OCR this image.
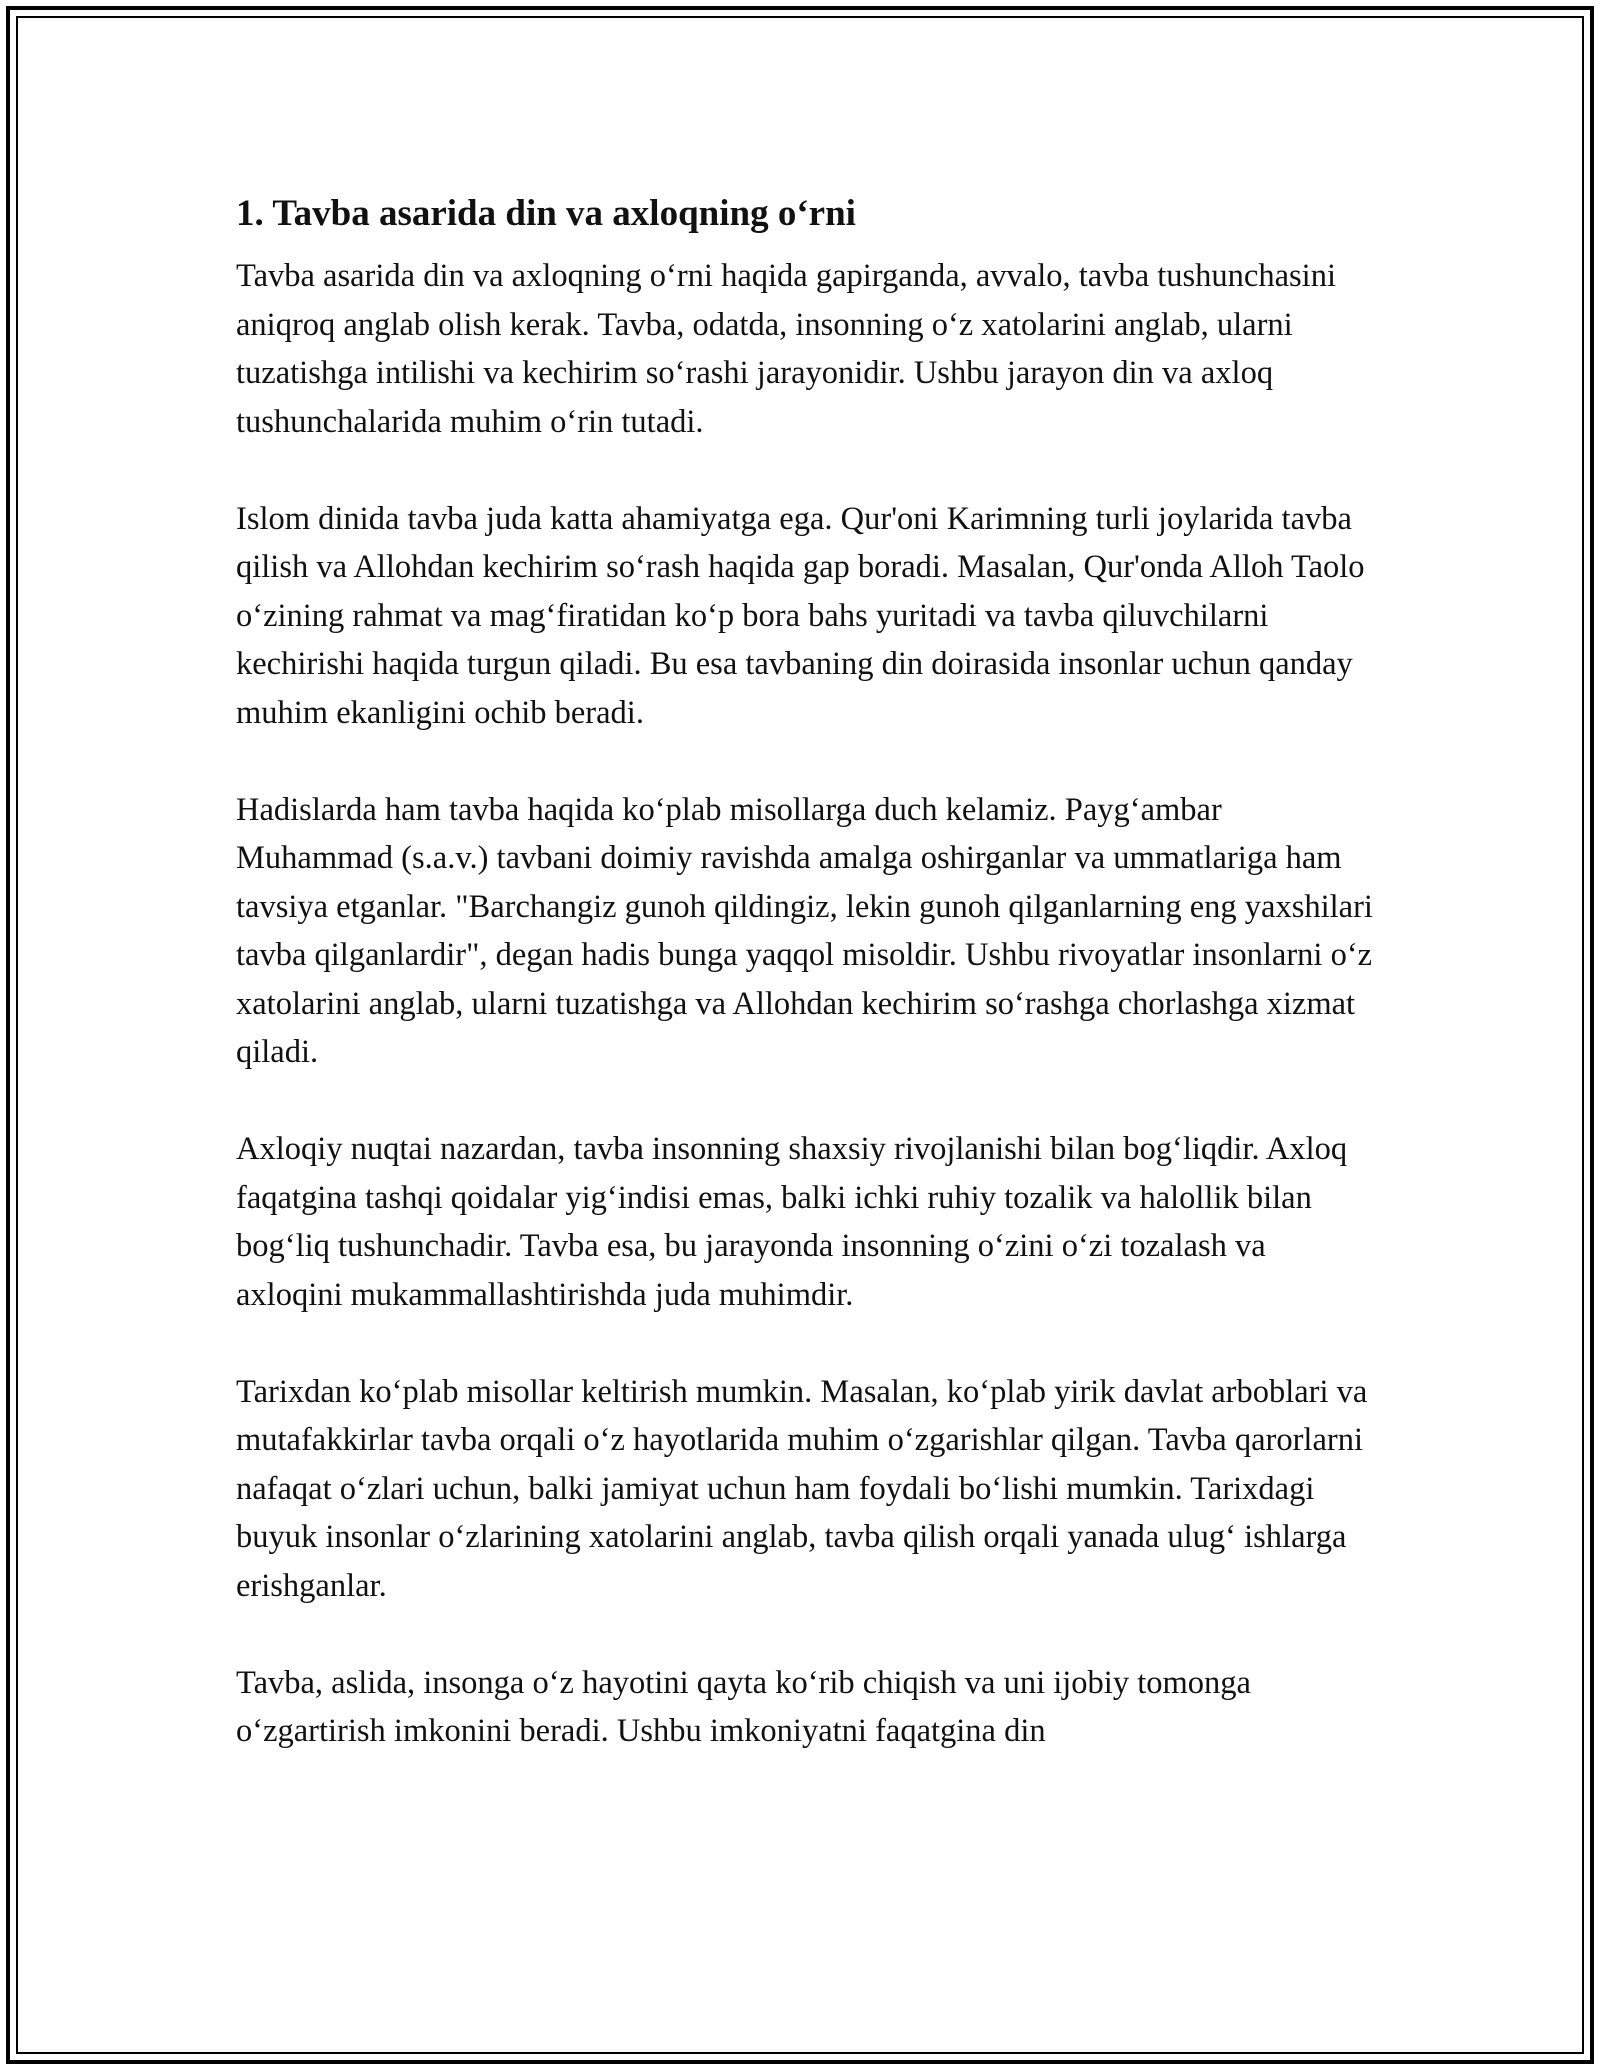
1. Tavba asarida din va axloqning o‘rni

Tavba asarida din va axloqning o‘rni haqida gapirganda, avvalo, tavba tushunchasini aniqroq anglab olish kerak. Tavba, odatda, insonning o‘z xatolarini anglab, ularni tuzatishga intilishi va kechirim so‘rashi jarayonidir. Ushbu jarayon din va axloq tushunchalarida muhim o‘rin tutadi.

Islom dinida tavba juda katta ahamiyatga ega. Qur'oni Karimning turli joylarida tavba qilish va Allohdan kechirim so‘rash haqida gap boradi. Masalan, Qur'onda Alloh Taolo o‘zining rahmat va mag‘firatidan ko‘p bora bahs yuritadi va tavba qiluvchilarni kechirishi haqida turgun qiladi. Bu esa tavbaning din doirasida insonlar uchun qanday muhim ekanligini ochib beradi.

Hadislarda ham tavba haqida ko‘plab misollarga duch kelamiz. Payg‘ambar Muhammad (s.a.v.) tavbani doimiy ravishda amalga oshirganlar va ummatlariga ham tavsiya etganlar. "Barchangiz gunoh qildingiz, lekin gunoh qilganlarning eng yaxshilari tavba qilganlardir", degan hadis bunga yaqqol misoldir. Ushbu rivoyatlar insonlarni o‘z xatolarini anglab, ularni tuzatishga va Allohdan kechirim so‘rashga chorlashga xizmat qiladi.

Axloqiy nuqtai nazardan, tavba insonning shaxsiy rivojlanishi bilan bog‘liqdir. Axloq faqatgina tashqi qoidalar yig‘indisi emas, balki ichki ruhiy tozalik va halollik bilan bog‘liq tushunchadir. Tavba esa, bu jarayonda insonning o‘zini o‘zi tozalash va axloqini mukammallashtirishda juda muhimdir.

Tarixdan ko‘plab misollar keltirish mumkin. Masalan, ko‘plab yirik davlat arboblari va mutafakkirlar tavba orqali o‘z hayotlarida muhim o‘zgarishlar qilgan. Tavba qarorlarni nafaqat o‘zlari uchun, balki jamiyat uchun ham foydali bo‘lishi mumkin. Tarixdagi buyuk insonlar o‘zlarining xatolarini anglab, tavba qilish orqali yanada ulug‘ ishlarga erishganlar.

Tavba, aslida, insonga o‘z hayotini qayta ko‘rib chiqish va uni ijobiy tomonga o‘zgartirish imkonini beradi. Ushbu imkoniyatni faqatgina din
